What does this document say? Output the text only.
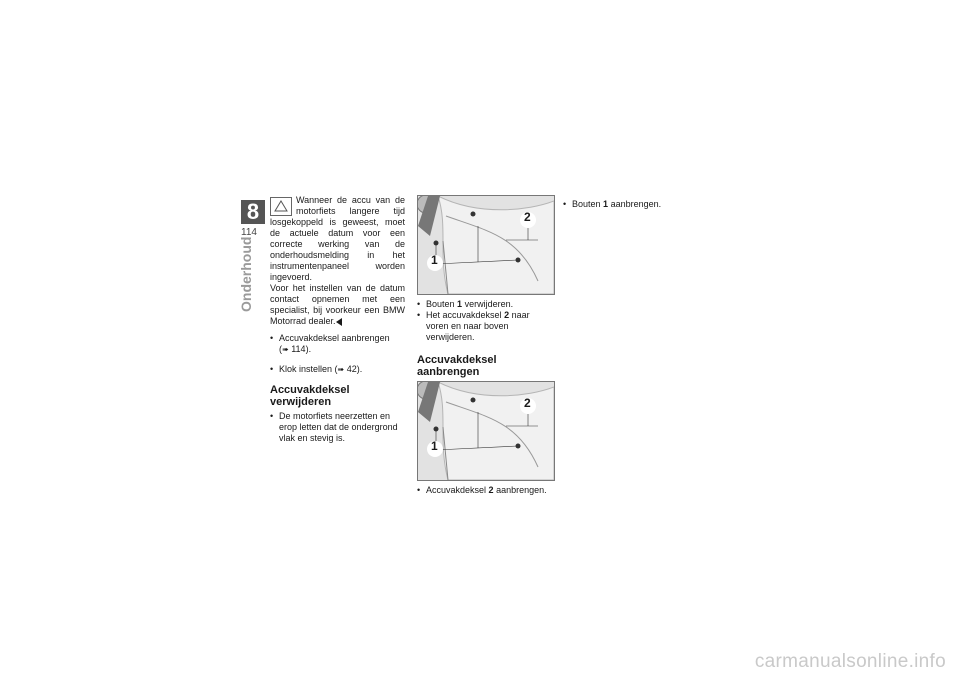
8
114
Onderhoud

Wanneer de accu van de motorfiets langere tijd losgekoppeld is geweest, moet de actuele datum voor een correcte werking van de onderhoudsmelding in het instrumentenpaneel worden ingevoerd.

Voor het instellen van de datum contact opnemen met een specialist, bij voorkeur een BMW Motorrad dealer.

• Accuvakdeksel aanbrengen
(➠ 114).
• Klok instellen (➠ 42).
Accuvakdeksel verwijderen
• De motorfiets neerzetten en erop letten dat de ondergrond vlak en stevig is.
2
1
• Bouten 1 verwijderen.
• Het accuvakdeksel 2 naar voren en naar boven verwijderen.
Accuvakdeksel aanbrengen
2
1
• Accuvakdeksel 2 aanbrengen.
• Bouten 1 aanbrengen.
carmanualsonline.info
